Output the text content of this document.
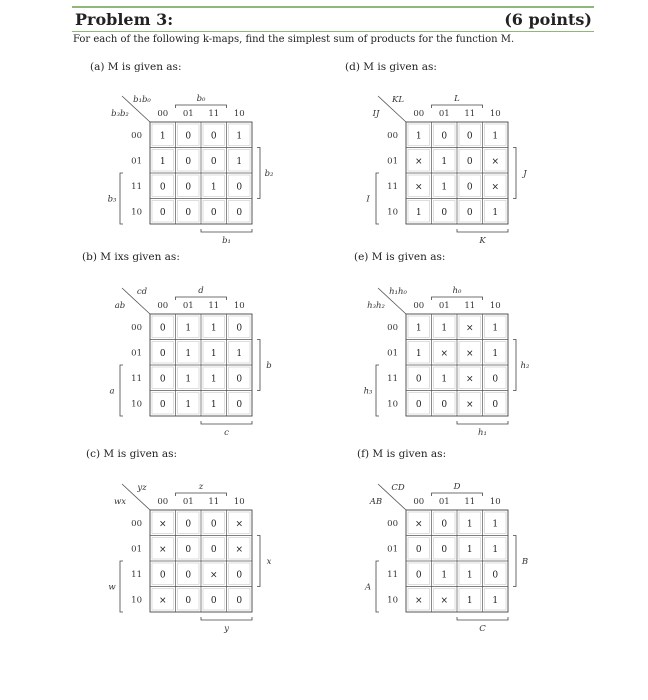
Problem 3:	(6 points)
For each of the following k-maps, find the simplest sum of products for the function M.
(a) M is given as:
(b) M ixs given as:
(c) M is given as:
(d) M is given as:
(e) M is given as:
(f) M is given as:
b₁b₀
b₃b₂	00 01 11 10
00
01
11
10
1 0 0 1
1 0 0 1
0 0 1 0
0 0 0 0
b₀
b₂
b₃
b₁
cd
ab	00 01 11 10
00
01
11
10
0 1 1 0
0 1 1 1
0 1 1 0
0 1 1 0
d
b
a
c
yz
wx	00 01 11 10
00
01
11
10
× 0 0 ×
× 0 0 ×
0 0 × 0
× 0 0 0
z
x
w
y
KL
IJ	00 01 11 10
00
01
11
10
1 0 0 1
× 1 0 ×
× 1 0 ×
1 0 0 1
L
J
I
K
h₁h₀
h₃h₂	00 01 11 10
00
01
11
10
1 1 × 1
1 × × 1
0 1 × 0
0 0 × 0
h₀
h₂
h₃
h₁
CD
AB	00 01 11 10
00
01
11
10
× 0 1 1
0 0 1 1
0 1 1 0
× × 1 1
D
B
A
C
